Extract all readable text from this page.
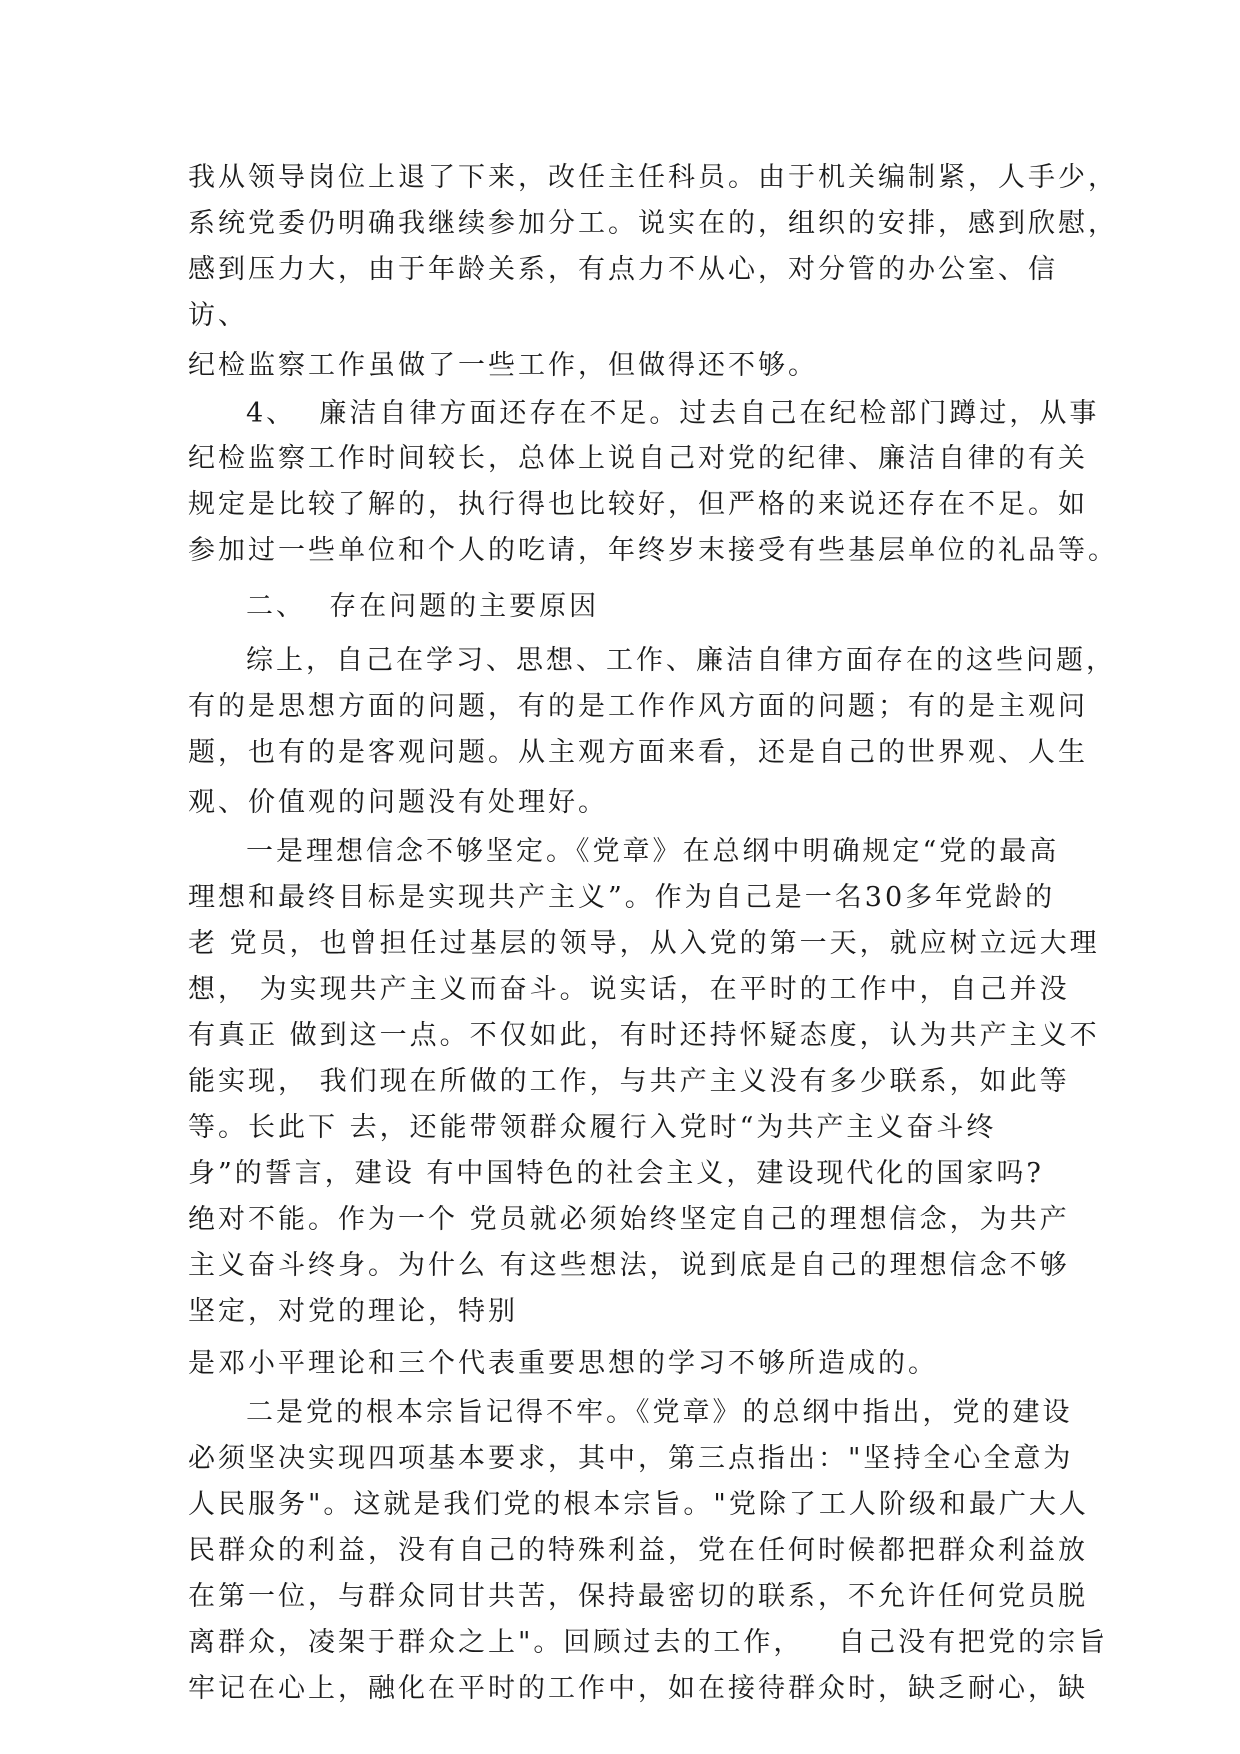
我从领导岗位上退了下来，改任主任科员。由于机关编制紧，人手少，
系统党委仍明确我继续参加分工。说实在的，组织的安排，感到欣慰，
感到压力大，由于年龄关系，有点力不从心，对分管的办公室、信
访、
纪检监察工作虽做了一些工作，但做得还不够。
4、  廉洁自律方面还存在不足。过去自己在纪检部门蹲过，从事
纪检监察工作时间较长，总体上说自己对党的纪律、廉洁自律的有关
规定是比较了解的，执行得也比较好，但严格的来说还存在不足。如
参加过一些单位和个人的吃请，年终岁末接受有些基层单位的礼品等。
二、  存在问题的主要原因
综上，自己在学习、思想、工作、廉洁自律方面存在的这些问题，
有的是思想方面的问题，有的是工作作风方面的问题；有的是主观问
题，也有的是客观问题。从主观方面来看，还是自己的世界观、人生
观、价值观的问题没有处理好。
一是理想信念不够坚定。《党章》在总纲中明确规定“党的最高
理想和最终目标是实现共产主义”。作为自己是一名30多年党龄的
老 党员，也曾担任过基层的领导，从入党的第一天，就应树立远大理
想， 为实现共产主义而奋斗。说实话，在平时的工作中，自己并没
有真正 做到这一点。不仅如此，有时还持怀疑态度，认为共产主义不
能实现， 我们现在所做的工作，与共产主义没有多少联系，如此等
等。长此下 去，还能带领群众履行入党时“为共产主义奋斗终
身”的誓言，建设 有中国特色的社会主义，建设现代化的国家吗?
绝对不能。作为一个 党员就必须始终坚定自己的理想信念，为共产
主义奋斗终身。为什么 有这些想法，说到底是自己的理想信念不够
坚定，对党的理论，特别
是邓小平理论和三个代表重要思想的学习不够所造成的。
二是党的根本宗旨记得不牢。《党章》的总纲中指出，党的建设
必须坚决实现四项基本要求，其中，第三点指出："坚持全心全意为
人民服务"。这就是我们党的根本宗旨。"党除了工人阶级和最广大人
民群众的利益，没有自己的特殊利益，党在任何时候都把群众利益放
在第一位，与群众同甘共苦，保持最密切的联系，不允许任何党员脱
离群众，凌架于群众之上"。回顾过去的工作，   自己没有把党的宗旨
牢记在心上，融化在平时的工作中，如在接待群众时，缺乏耐心，缺
